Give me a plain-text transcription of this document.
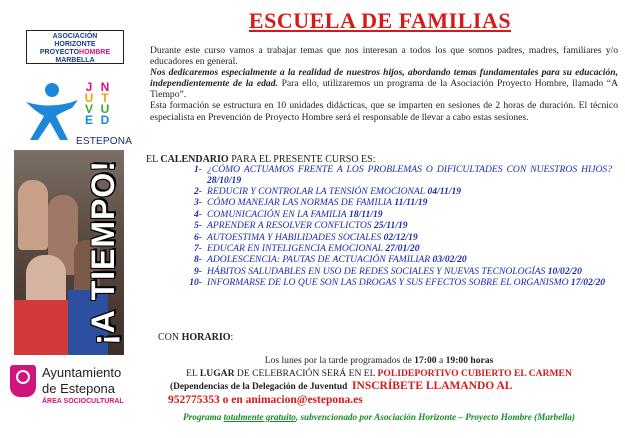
ASOCIACIÓN
HORIZONTE
PROYECTOHOMBRE
MARBELLA
J
U
V
E
N
T
U
D
ESTEPONA
¡A TIEMPO!
Ayuntamiento
de Estepona
ÁREA SOCIOCULTURAL
ESCUELA DE FAMILIAS

Durante este curso vamos a trabajar temas que nos interesan a todos los que somos padres, madres, familiares y/o educadores en general.

Nos dedicaremos especialmente a la realidad de nuestros hijos, abordando temas fundamentales para su educación, independientemente de la edad. Para ello, utilizaremos un programa de la Asociación Proyecto Hombre, llamado “A Tiempo”.

Esta formación se estructura en 10 unidades didácticas, que se imparten en sesiones de 2 horas de duración. El técnico especialista en Prevención de Proyecto Hombre será el responsable de llevar a cabo estas sesiones.

EL CALENDARIO PARA EL PRESENTE CURSO ES:
1- ¿CÓMO ACTUAMOS FRENTE A LOS PROBLEMAS O DIFICULTADES CON NUESTROS HIJOS? 28/10/19
2- REDUCIR Y CONTROLAR LA TENSIÓN EMOCIONAL 04/11/19
3- CÓMO MANEJAR LAS NORMAS DE FAMILIA 11/11/19
4- COMUNICACIÓN EN LA FAMILIA 18/11/19
5- APRENDER A RESOLVER CONFLICTOS 25/11/19
6- AUTOESTIMA Y HABILIDADES SOCIALES 02/12/19
7- EDUCAR EN INTELIGENCIA EMOCIONAL 27/01/20
8- ADOLESCENCIA: PAUTAS DE ACTUACIÓN FAMILIAR 03/02/20
9- HÁBITOS SALUDABLES EN USO DE REDES SOCIALES Y NUEVAS TECNOLOGÍAS 10/02/20
10- INFORMARSE DE LO QUE SON LAS DROGAS Y SUS EFECTOS SOBRE EL ORGANISMO 17/02/20
CON HORARIO:
Los lunes por la tarde programados de 17:00 a 19:00 horas
EL LUGAR DE CELEBRACIÓN SERÁ EN EL POLIDEPORTIVO CUBIERTO EL CARMEN
(Dependencias de la Delegación de Juventud INSCRÍBETE LLAMANDO AL
952775353 o en animacion@estepona.es
Programa totalmente gratuito, subvencionado por Asociación Horizonte – Proyecto Hombre (Marbella)
